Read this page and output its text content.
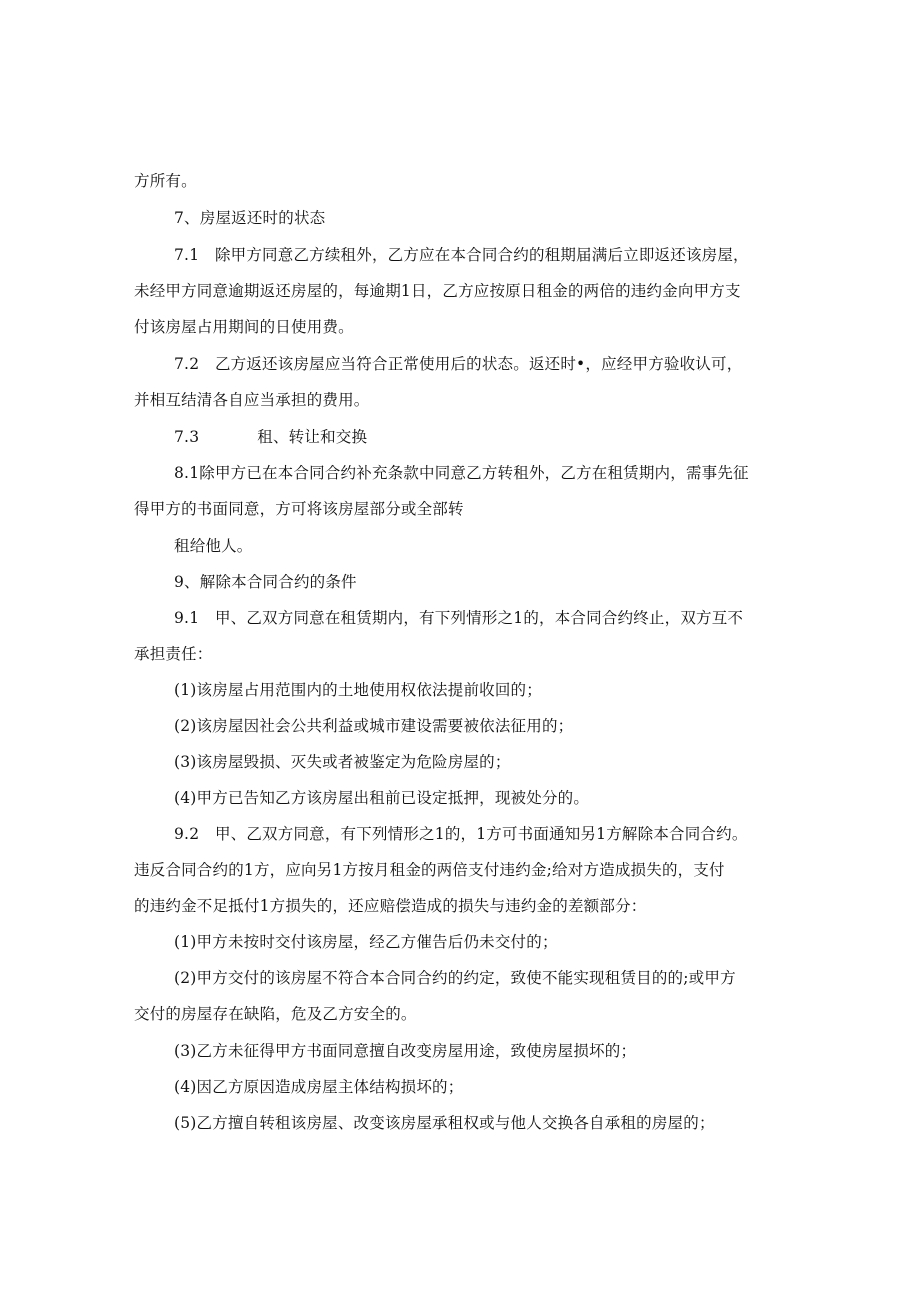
方所有。
7、房屋返还时的状态
7.1　除甲方同意乙方续租外，乙方应在本合同合约的租期届满后立即返还该房屋，
未经甲方同意逾期返还房屋的，每逾期1日，乙方应按原日租金的两倍的违约金向甲方支
付该房屋占用期间的日使用费。
7.2　乙方返还该房屋应当符合正常使用后的状态。返还时•，应经甲方验收认可，
并相互结清各自应当承担的费用。
7.3	租、转让和交换
8.1除甲方已在本合同合约补充条款中同意乙方转租外，乙方在租赁期内，需事先征
得甲方的书面同意，方可将该房屋部分或全部转
租给他人。
9、解除本合同合约的条件
9.1　甲、乙双方同意在租赁期内，有下列情形之1的，本合同合约终止，双方互不
承担责任：
(1)该房屋占用范围内的土地使用权依法提前收回的；
(2)该房屋因社会公共利益或城市建设需要被依法征用的；
(3)该房屋毁损、灭失或者被鉴定为危险房屋的；
(4)甲方已告知乙方该房屋出租前已设定抵押，现被处分的。
9.2　甲、乙双方同意，有下列情形之1的，1方可书面通知另1方解除本合同合约。
违反合同合约的1方，应向另1方按月租金的两倍支付违约金;给对方造成损失的，支付
的违约金不足抵付1方损失的，还应赔偿造成的损失与违约金的差额部分：
(1)甲方未按时交付该房屋，经乙方催告后仍未交付的；
(2)甲方交付的该房屋不符合本合同合约的约定，致使不能实现租赁目的的;或甲方
交付的房屋存在缺陷，危及乙方安全的。
(3)乙方未征得甲方书面同意擅自改变房屋用途，致使房屋损坏的；
(4)因乙方原因造成房屋主体结构损坏的；
(5)乙方擅自转租该房屋、改变该房屋承租权或与他人交换各自承租的房屋的；
